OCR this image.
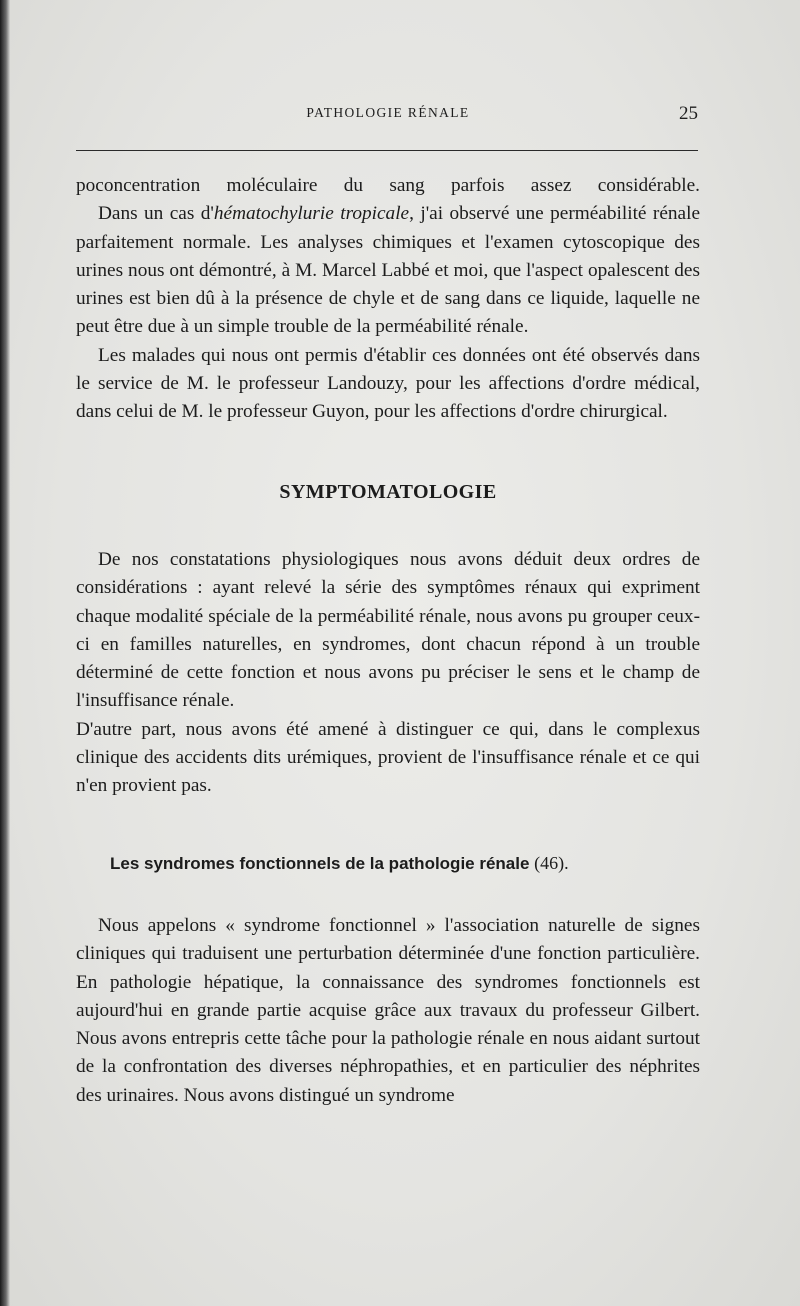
PATHOLOGIE RÉNALE	25

poconcentration moléculaire du sang parfois assez considérable.

Dans un cas d'hématochylurie tropicale, j'ai observé une perméabilité rénale parfaitement normale. Les analyses chimiques et l'examen cytoscopique des urines nous ont démontré, à M. Marcel Labbé et moi, que l'aspect opalescent des urines est bien dû à la présence de chyle et de sang dans ce liquide, laquelle ne peut être due à un simple trouble de la perméabilité rénale.

Les malades qui nous ont permis d'établir ces données ont été observés dans le service de M. le professeur Landouzy, pour les affections d'ordre médical, dans celui de M. le professeur Guyon, pour les affections d'ordre chirurgical.

SYMPTOMATOLOGIE

De nos constatations physiologiques nous avons déduit deux ordres de considérations : ayant relevé la série des symptômes rénaux qui expriment chaque modalité spéciale de la perméabilité rénale, nous avons pu grouper ceux-ci en familles naturelles, en syndromes, dont chacun répond à un trouble déterminé de cette fonction et nous avons pu préciser le sens et le champ de l'insuffisance rénale.

D'autre part, nous avons été amené à distinguer ce qui, dans le complexus clinique des accidents dits urémiques, provient de l'insuffisance rénale et ce qui n'en provient pas.

Les syndromes fonctionnels de la pathologie rénale (46).

Nous appelons « syndrome fonctionnel » l'association naturelle de signes cliniques qui traduisent une perturbation déterminée d'une fonction particulière. En pathologie hépatique, la connaissance des syndromes fonctionnels est aujourd'hui en grande partie acquise grâce aux travaux du professeur Gilbert. Nous avons entrepris cette tâche pour la pathologie rénale en nous aidant surtout de la confrontation des diverses néphropathies, et en particulier des néphrites des urinaires. Nous avons distingué un syndrome
